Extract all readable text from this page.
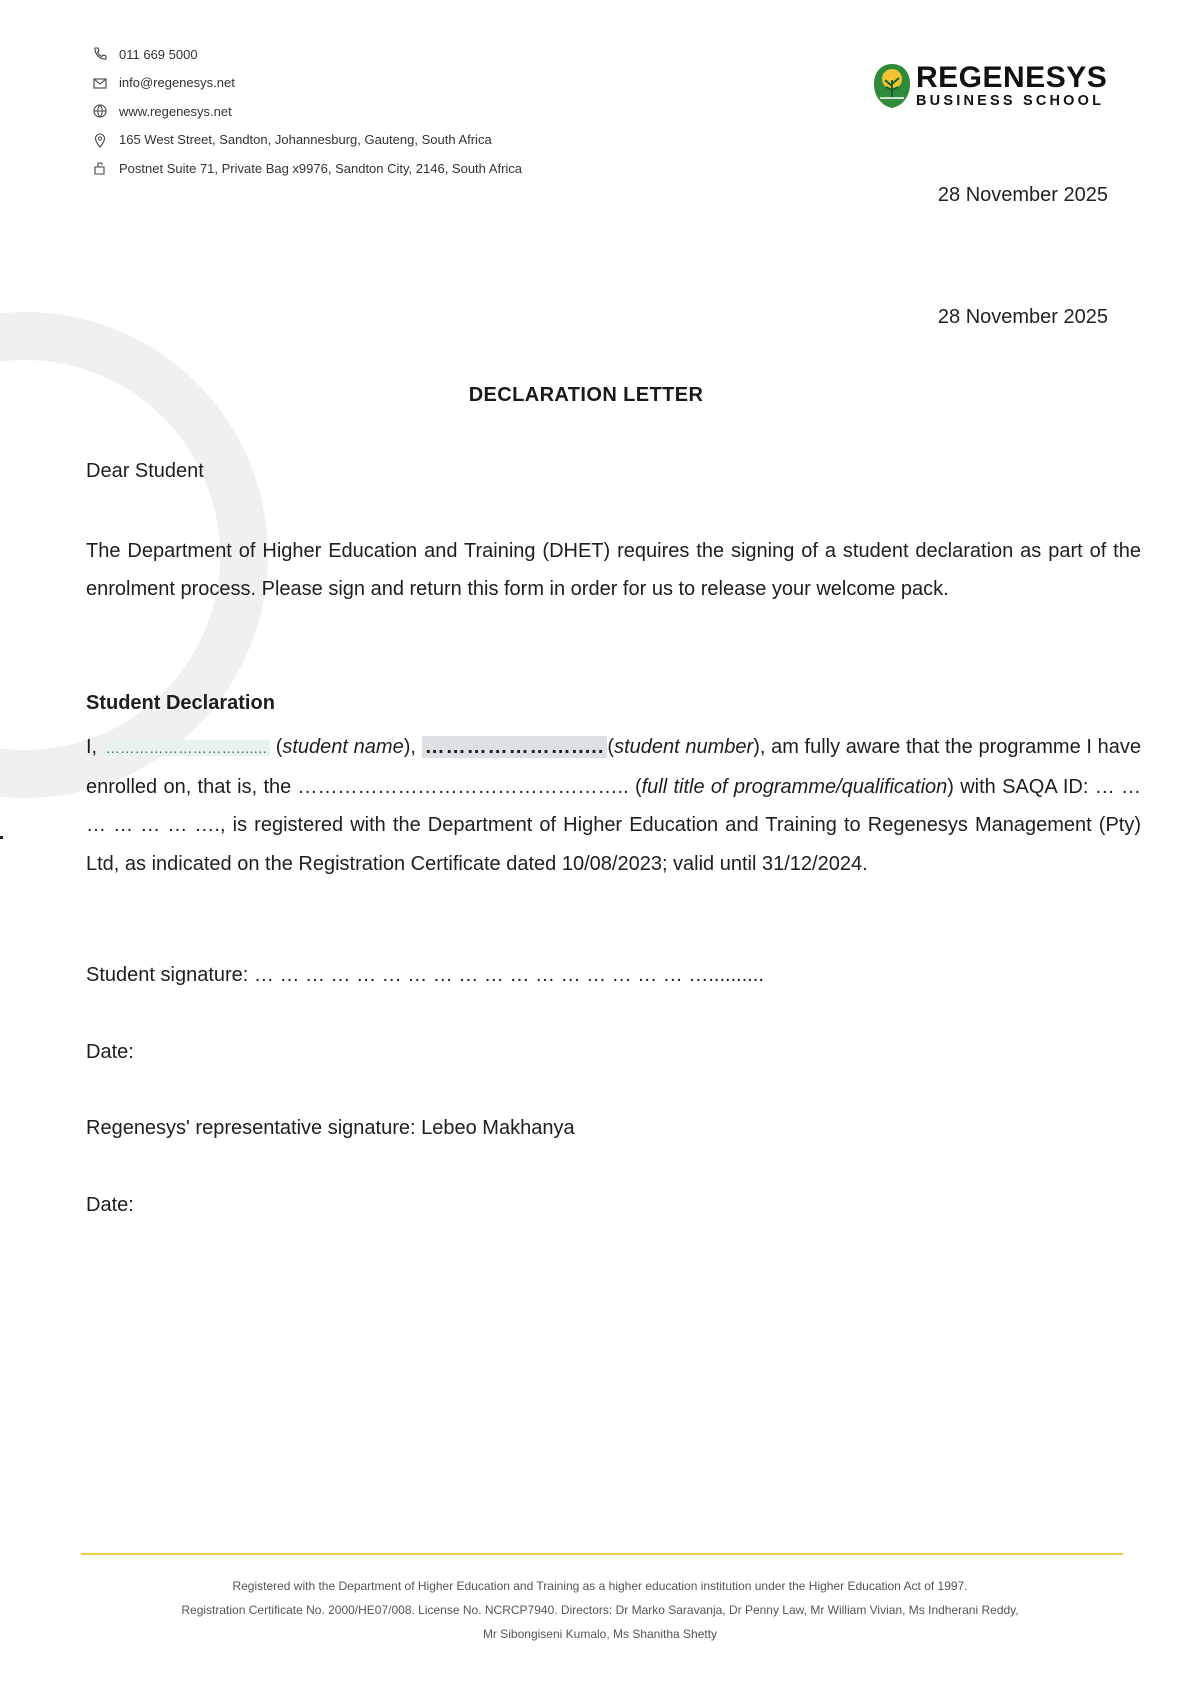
011 669 5000
info@regenesys.net
www.regenesys.net
165 West Street, Sandton, Johannesburg, Gauteng, South Africa
Postnet Suite 71, Private Bag x9976, Sandton City, 2146, South Africa
REGENESYS
BUSINESS SCHOOL
28 November 2025
28 November 2025
DECLARATION LETTER
Dear Student
The Department of Higher Education and Training (DHET) requires the signing of a student declaration as part of the enrolment process. Please sign and return this form in order for us to release your welcome pack.
Student Declaration
I, ………………………....... (student name), …………………..... (student number), am fully aware that the programme I have enrolled on, that is, the ………………………………………….. (full title of programme/qualification) with SAQA ID: … … … … … … …., is registered with the Department of Higher Education and Training to Regenesys Management (Pty) Ltd, as indicated on the Registration Certificate dated 10/08/2023; valid until 31/12/2024.
Student signature: … … … … … … … … … … … … … … … … … …..........
Date:
Regenesys' representative signature: Lebeo Makhanya
Date:
Registered with the Department of Higher Education and Training as a higher education institution under the Higher Education Act of 1997.
Registration Certificate No. 2000/HE07/008. License No. NCRCP7940. Directors: Dr Marko Saravanja, Dr Penny Law, Mr William Vivian, Ms Indherani Reddy,
Mr Sibongiseni Kumalo, Ms Shanitha Shetty
